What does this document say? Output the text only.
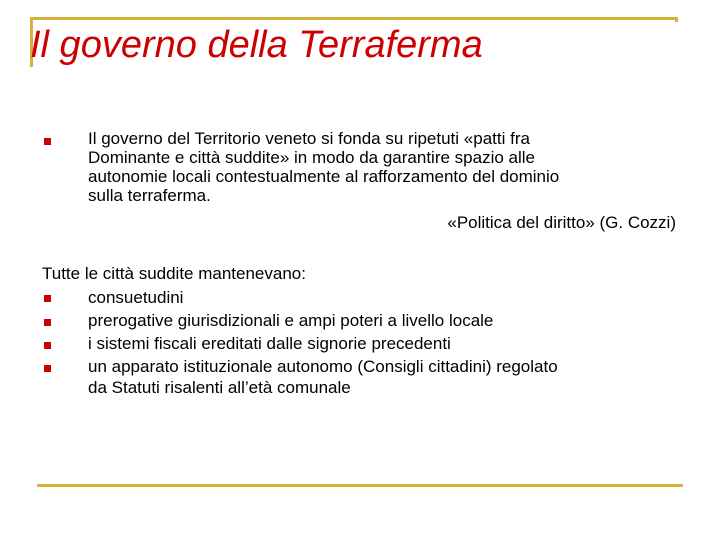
Il governo della Terraferma
Il governo del Territorio veneto si fonda su ripetuti «patti fra
Dominante e città suddite» in modo da garantire spazio alle
autonomie locali contestualmente al rafforzamento del dominio
sulla terraferma.
«Politica del diritto» (G. Cozzi)
Tutte le città suddite mantenevano:
consuetudini
prerogative giurisdizionali e ampi poteri a livello locale
i sistemi fiscali ereditati dalle signorie precedenti
un apparato istituzionale autonomo (Consigli cittadini) regolato
da Statuti risalenti all’età comunale
